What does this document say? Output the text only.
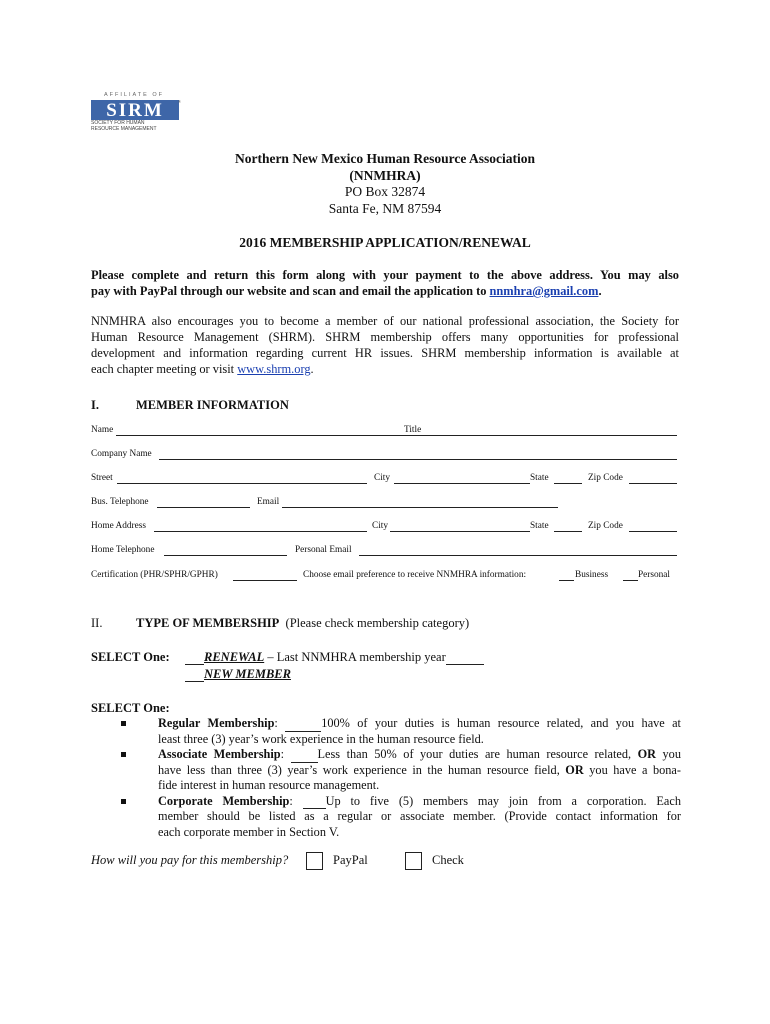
AFFILIATE OF
SIRM	®
SOCIETY FOR HUMAN
RESOURCE MANAGEMENT
Northern New Mexico Human Resource Association
(NNMHRA)
PO Box 32874
Santa Fe, NM 87594
2016 MEMBERSHIP APPLICATION/RENEWAL
Please complete and return this form along with your payment to the above address. You may also
pay with PayPal through our website and scan and email the application to nnmhra@gmail.com.
NNMHRA also encourages you to become a member of our national professional association, the Society for
Human Resource Management (SHRM). SHRM membership offers many opportunities for professional
development and information regarding current HR issues. SHRM membership information is available at
each chapter meeting or visit www.shrm.org.
I.	MEMBER INFORMATION
Name	Title
Company Name
Street	City	State	Zip Code
Bus. Telephone	Email
Home Address	City	State	Zip Code
Home Telephone	Personal Email
Certification (PHR/SPHR/GPHR)	Choose email preference to receive NNMHRA information:	Business	Personal
II.	TYPE OF MEMBERSHIP (Please check membership category)
SELECT One:	RENEWAL – Last NNMHRA membership year
NEW MEMBER
SELECT One:
Regular Membership:	100% of your duties is human resource related, and you have at
least three (3) year’s work experience in the human resource field.
Associate Membership: Less than 50% of your duties are human resource related, OR you
have less than three (3) year’s work experience in the human resource field, OR you have a bona-
fide interest in human resource management.
Corporate Membership: Up to five (5) members may join from a corporation. Each
member should be listed as a regular or associate member. (Provide contact information for
each corporate member in Section V.
How will you pay for this membership?	PayPal	Check
